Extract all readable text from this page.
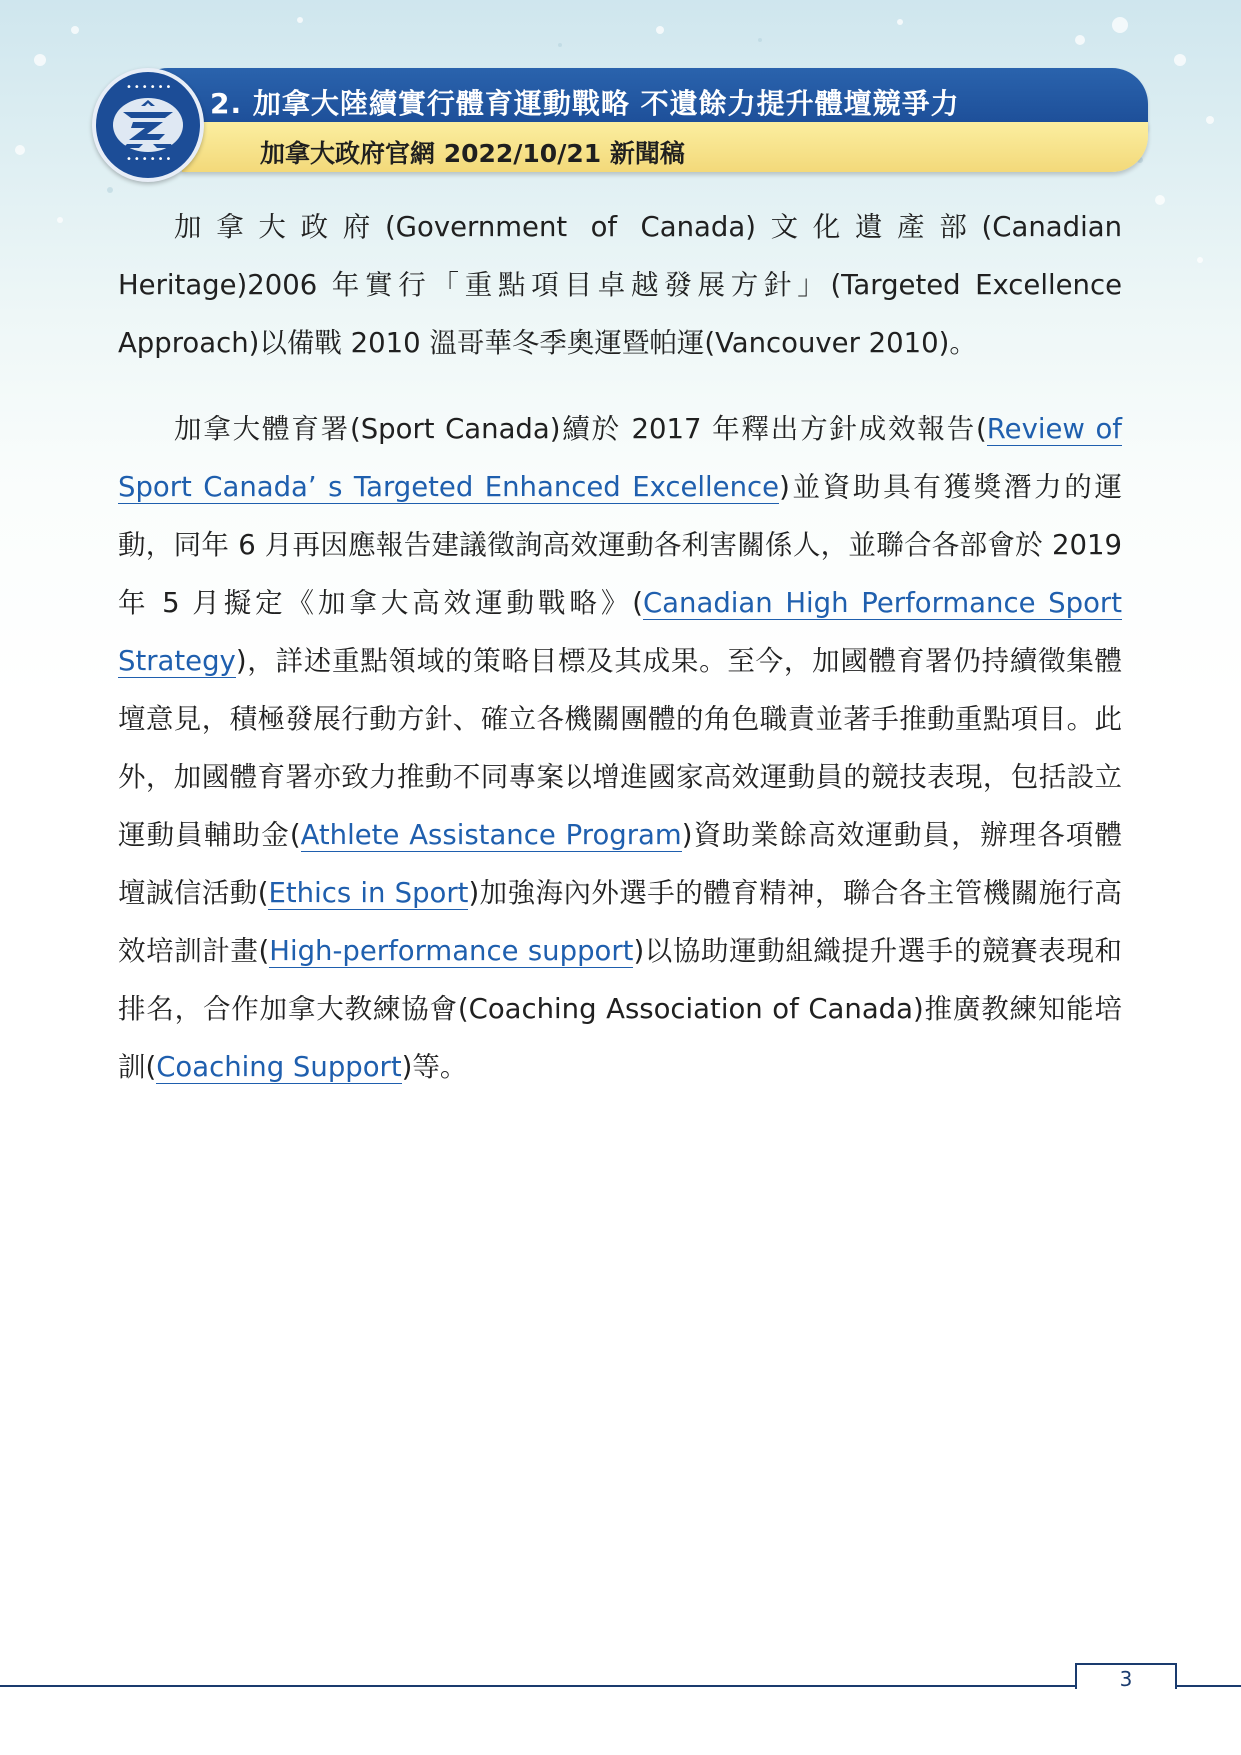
2. 加拿大陸續實行體育運動戰略 不遺餘力提升體壇競爭力
加拿大政府官網 2022/10/21 新聞稿
••••••
••••••

加拿大政府(Government of Canada)文化遺產部(Canadian Heritage)2006 年實行「重點項目卓越發展方針」(Targeted Excellence Approach)以備戰 2010 溫哥華冬季奧運暨帕運(Vancouver 2010)。

加拿大體育署(Sport Canada)續於 2017 年釋出方針成效報告(Review of Sport Canada’ s Targeted Enhanced Excellence)並資助具有獲獎潛力的運動，同年 6 月再因應報告建議徵詢高效運動各利害關係人，並聯合各部會於 2019 年 5 月擬定《加拿大高效運動戰略》(Canadian High Performance Sport Strategy)，詳述重點領域的策略目標及其成果。至今，加國體育署仍持續徵集體壇意見，積極發展行動方針、確立各機關團體的角色職責並著手推動重點項目。此外，加國體育署亦致力推動不同專案以增進國家高效運動員的競技表現，包括設立運動員輔助金(Athlete Assistance Program)資助業餘高效運動員，辦理各項體壇誠信活動(Ethics in Sport)加強海內外選手的體育精神，聯合各主管機關施行高效培訓計畫(High-performance support)以協助運動組織提升選手的競賽表現和排名，合作加拿大教練協會(Coaching Association of Canada)推廣教練知能培訓(Coaching Support)等。

3
